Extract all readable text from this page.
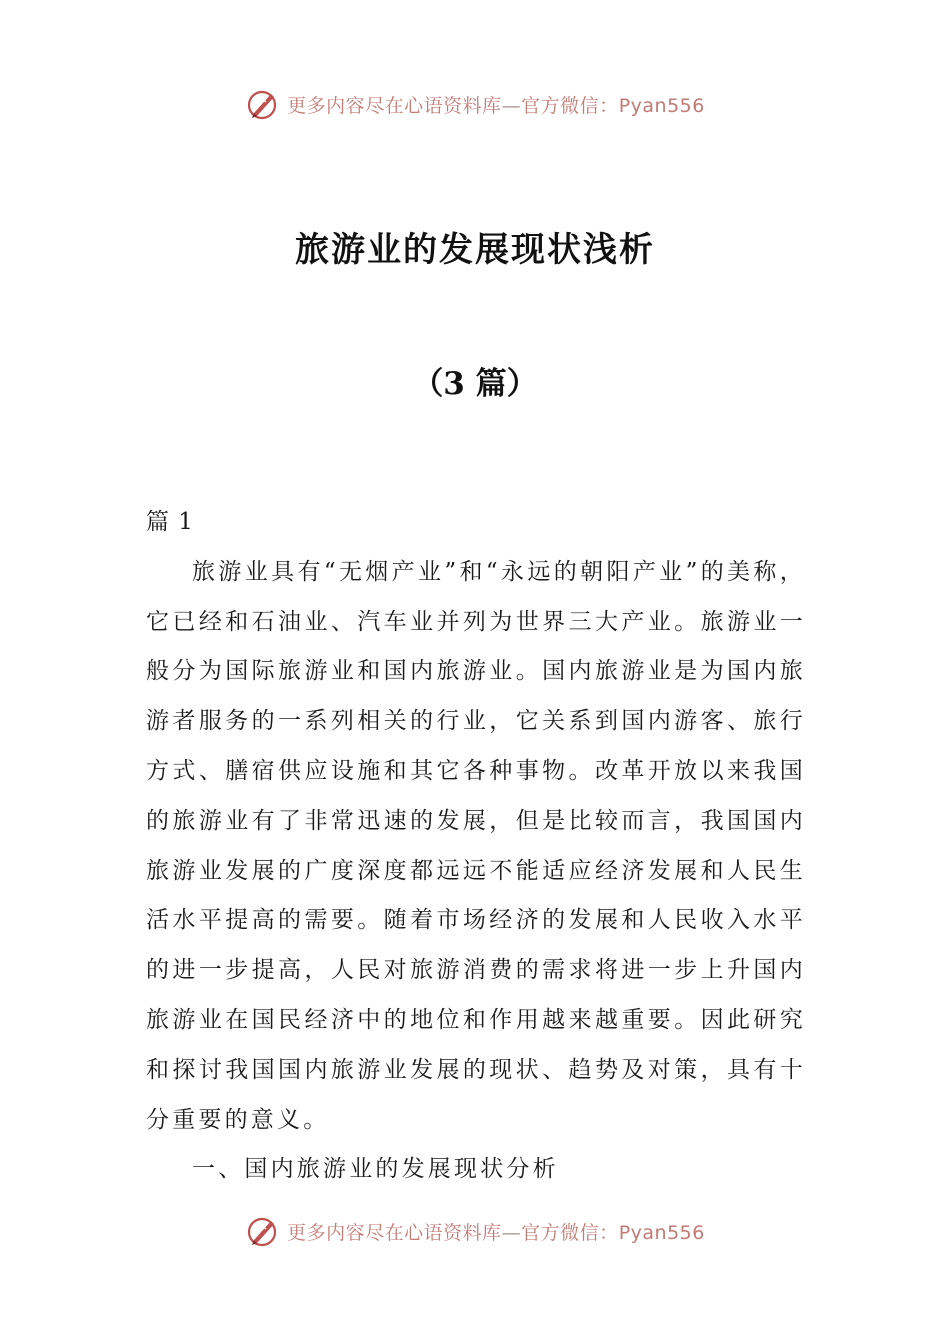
更多内容尽在心语资料库—官方微信：Pyan556
旅游业的发展现状浅析
（3 篇）

篇 1

旅游业具有“无烟产业”和“永远的朝阳产业”的美称，它已经和石油业、汽车业并列为世界三大产业。旅游业一般分为国际旅游业和国内旅游业。国内旅游业是为国内旅游者服务的一系列相关的行业，它关系到国内游客、旅行方式、膳宿供应设施和其它各种事物。改革开放以来我国的旅游业有了非常迅速的发展，但是比较而言，我国国内旅游业发展的广度深度都远远不能适应经济发展和人民生活水平提高的需要。随着市场经济的发展和人民收入水平的进一步提高，人民对旅游消费的需求将进一步上升国内旅游业在国民经济中的地位和作用越来越重要。因此研究和探讨我国国内旅游业发展的现状、趋势及对策，具有十分重要的意义。

一、国内旅游业的发展现状分析

更多内容尽在心语资料库—官方微信：Pyan556
